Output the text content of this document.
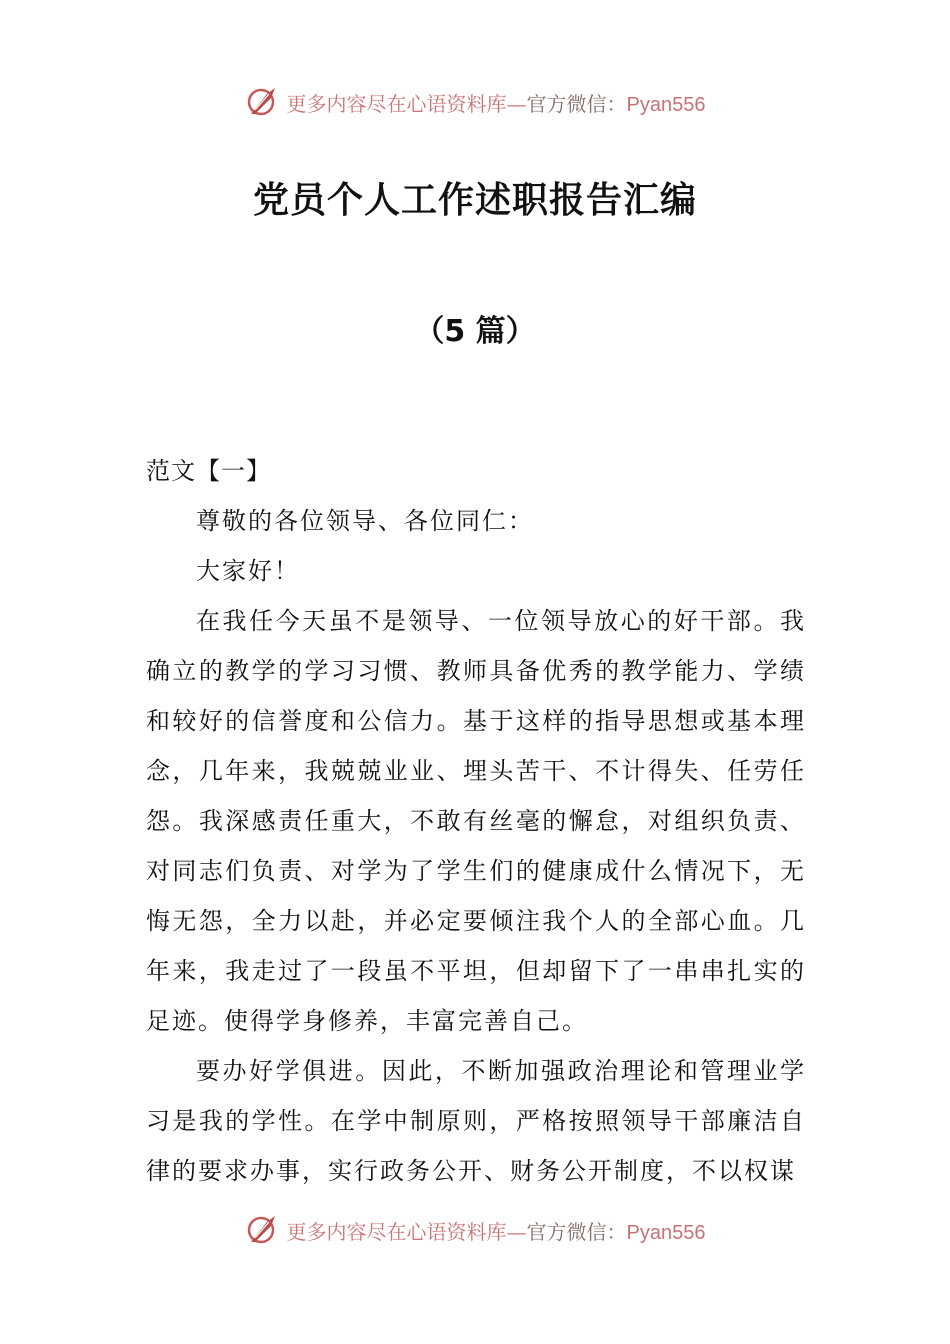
更多内容尽在心语资料库—官方微信：Pyan556
党员个人工作述职报告汇编
（5 篇）

范文【一】

尊敬的各位领导、各位同仁：

大家好！

在我任今天虽不是领导、一位领导放心的好干部。我确立的教学的学习习惯、教师具备优秀的教学能力、学绩和较好的信誉度和公信力。基于这样的指导思想或基本理念，几年来，我兢兢业业、埋头苦干、不计得失、任劳任怨。我深感责任重大，不敢有丝毫的懈怠，对组织负责、对同志们负责、对学为了学生们的健康成什么情况下，无悔无怨，全力以赴，并必定要倾注我个人的全部心血。几年来，我走过了一段虽不平坦，但却留下了一串串扎实的足迹。使得学身修养，丰富完善自己。

要办好学俱进。因此，不断加强政治理论和管理业学习是我的学性。在学中制原则，严格按照领导干部廉洁自律的要求办事，实行政务公开、财务公开制度，不以权谋

更多内容尽在心语资料库—官方微信：Pyan556
